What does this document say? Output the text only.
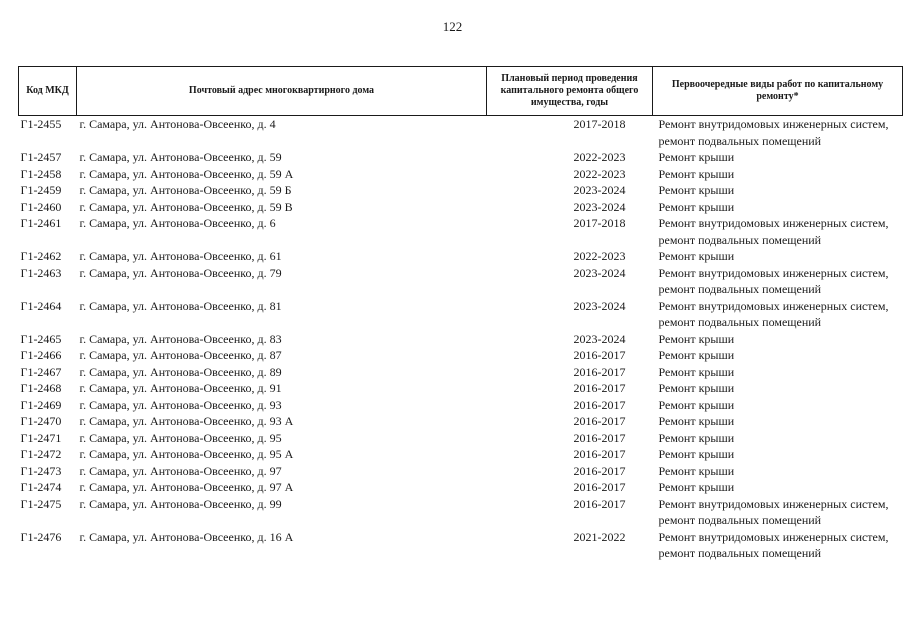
122
Код МКД	Почтовый адрес многоквартирного дома	Плановый период проведения капитального ремонта общего имущества, годы	Первоочередные виды работ по капитальному ремонту*
Г1-2455	г. Самара, ул. Антонова-Овсеенко, д. 4	2017-2018	Ремонт внутридомовых инженерных систем,
ремонт подвальных помещений

Г1-2457	г. Самара, ул. Антонова-Овсеенко, д. 59	2022-2023	Ремонт крыши

Г1-2458	г. Самара, ул. Антонова-Овсеенко, д. 59 А	2022-2023	Ремонт крыши

Г1-2459	г. Самара, ул. Антонова-Овсеенко, д. 59 Б	2023-2024	Ремонт крыши

Г1-2460	г. Самара, ул. Антонова-Овсеенко, д. 59 В	2023-2024	Ремонт крыши

Г1-2461	г. Самара, ул. Антонова-Овсеенко, д. 6	2017-2018	Ремонт внутридомовых инженерных систем,
ремонт подвальных помещений

Г1-2462	г. Самара, ул. Антонова-Овсеенко, д. 61	2022-2023	Ремонт крыши

Г1-2463	г. Самара, ул. Антонова-Овсеенко, д. 79	2023-2024	Ремонт внутридомовых инженерных систем,
ремонт подвальных помещений

Г1-2464	г. Самара, ул. Антонова-Овсеенко, д. 81	2023-2024	Ремонт внутридомовых инженерных систем,
ремонт подвальных помещений

Г1-2465	г. Самара, ул. Антонова-Овсеенко, д. 83	2023-2024	Ремонт крыши

Г1-2466	г. Самара, ул. Антонова-Овсеенко, д. 87	2016-2017	Ремонт крыши

Г1-2467	г. Самара, ул. Антонова-Овсеенко, д. 89	2016-2017	Ремонт крыши

Г1-2468	г. Самара, ул. Антонова-Овсеенко, д. 91	2016-2017	Ремонт крыши

Г1-2469	г. Самара, ул. Антонова-Овсеенко, д. 93	2016-2017	Ремонт крыши

Г1-2470	г. Самара, ул. Антонова-Овсеенко, д. 93 А	2016-2017	Ремонт крыши

Г1-2471	г. Самара, ул. Антонова-Овсеенко, д. 95	2016-2017	Ремонт крыши

Г1-2472	г. Самара, ул. Антонова-Овсеенко, д. 95 А	2016-2017	Ремонт крыши

Г1-2473	г. Самара, ул. Антонова-Овсеенко, д. 97	2016-2017	Ремонт крыши

Г1-2474	г. Самара, ул. Антонова-Овсеенко, д. 97 А	2016-2017	Ремонт крыши

Г1-2475	г. Самара, ул. Антонова-Овсеенко, д. 99	2016-2017	Ремонт внутридомовых инженерных систем,
ремонт подвальных помещений

Г1-2476	г. Самара, ул. Антонова-Овсеенко, д. 16 А	2021-2022	Ремонт внутридомовых инженерных систем,
ремонт подвальных помещений
